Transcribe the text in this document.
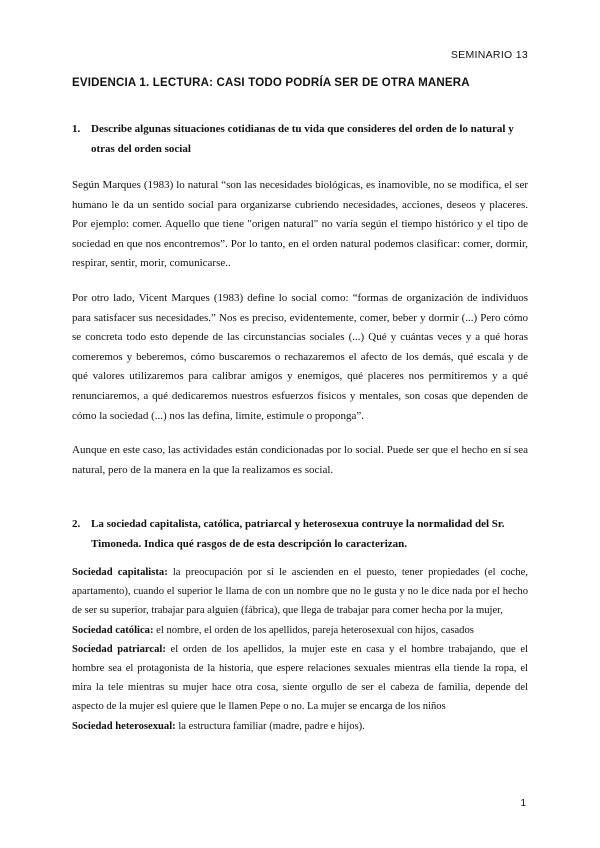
SEMINARIO 13
EVIDENCIA 1. LECTURA: CASI TODO PODRÍA SER DE OTRA MANERA
1. Describe algunas situaciones cotidianas de tu vida que consideres del orden de lo natural y otras del orden social
Según Marques (1983) lo natural “son las necesidades biológicas, es inamovible, no se modifica, el ser humano le da un sentido social para organizarse cubriendo necesidades, acciones, deseos y placeres. Por ejemplo: comer. Aquello que tiene "origen natural" no varía según el tiempo histórico y el tipo de sociedad en que nos encontremos”. Por lo tanto, en el orden natural podemos clasificar: comer, dormir, respirar, sentir, morir, comunicarse..
Por otro lado, Vicent Marques (1983) define lo social como: “formas de organización de individuos para satisfacer sus necesidades.” Nos es preciso, evidentemente, comer, beber y dormir (...) Pero cómo se concreta todo esto depende de las circunstancias sociales (...) Qué y cuántas veces y a qué horas comeremos y beberemos, cómo buscaremos o rechazaremos el afecto de los demás, qué escala y de qué valores utilizaremos para calibrar amigos y enemigos, qué placeres nos permitiremos y a qué renunciaremos, a qué dedicaremos nuestros esfuerzos físicos y mentales, son cosas que dependen de cómo la sociedad (...) nos las defina, limite, estimule o proponga”.
Aunque en este caso, las actividades están condicionadas por lo social. Puede ser que el hecho en sí sea natural, pero de la manera en la que la realizamos es social.
2. La sociedad capitalista, católica, patriarcal y heterosexua contruye la normalidad del Sr. Timoneda. Indica qué rasgos de de esta descripción lo caracterizan.
Sociedad capitalista: la preocupación por si le ascienden en el puesto, tener propiedades (el coche, apartamento), cuando el superior le llama de con un nombre que no le gusta y no le dice nada por el hecho de ser su superior, trabajar para alguien (fábrica), que llega de trabajar para comer hecha por la mujer,
Sociedad católica: el nombre, el orden de los apellidos, pareja heterosexual con hijos, casados
Sociedad patriarcal: el orden de los apellidos, la mujer este en casa y el hombre trabajando, que el hombre sea el protagonista de la historia, que espere relaciones sexuales mientras ella tiende la ropa, el mira la tele mientras su mujer hace otra cosa, siente orgullo de ser el cabeza de familia, depende del aspecto de la mujer esl quiere que le llamen Pepe o no. La mujer se encarga de los niños
Sociedad heterosexual: la estructura familiar (madre, padre e hijos).
1
